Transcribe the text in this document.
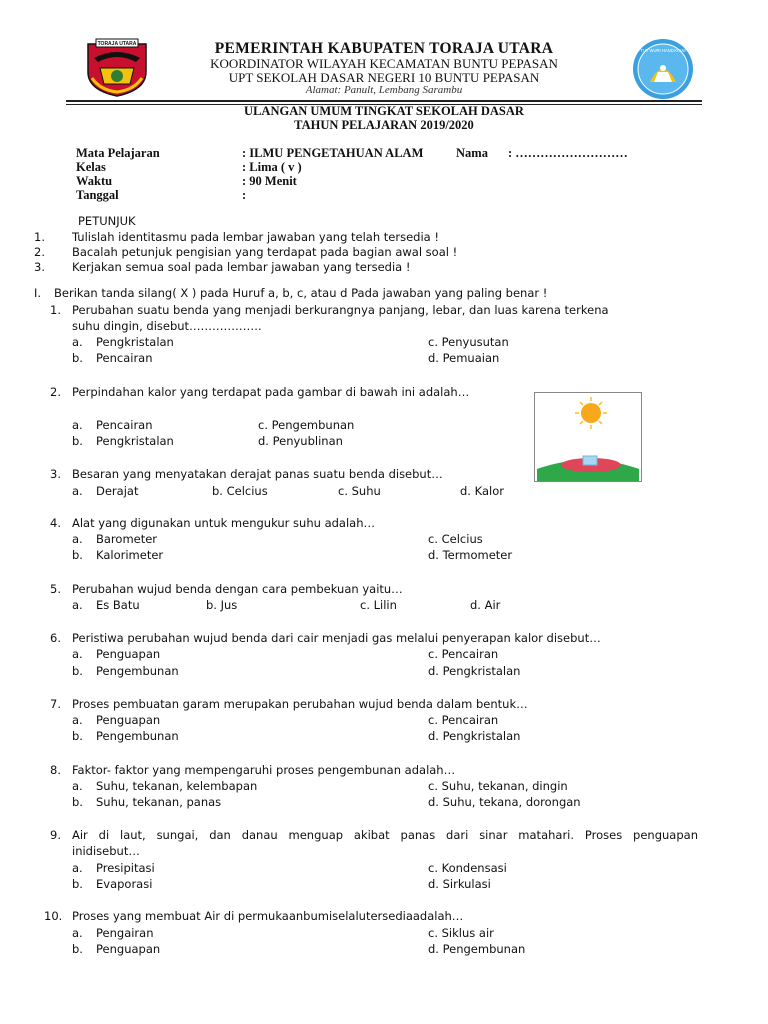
TORAJA UTARA
TUT WURI HANDAYANI
PEMERINTAH KABUPATEN TORAJA UTARA
KOORDINATOR WILAYAH KECAMATAN BUNTU PEPASAN
UPT SEKOLAH DASAR NEGERI 10 BUNTU PEPASAN
Alamat: Panult, Lembang Sarambu
ULANGAN UMUM TINGKAT SEKOLAH DASAR
TAHUN PELAJARAN 2019/2020
Mata Pelajaran	: ILMU PENGETAHUAN ALAM	Nama : ………………………
Kelas	: Lima ( v )
Waktu	: 90 Menit
Tanggal	:
PETUNJUK
1. Tulislah identitasmu pada lembar jawaban yang telah tersedia !
2. Bacalah petunjuk pengisian yang terdapat pada bagian awal soal !
3. Kerjakan semua soal pada lembar jawaban yang tersedia !
I. Berikan tanda silang( X ) pada Huruf a, b, c, atau d Pada jawaban yang paling benar !
1. Perubahan suatu benda yang menjadi berkurangnya panjang, lebar, dan luas karena terkena
suhu dingin, disebut……………….
a. Pengkristalan	c. Penyusutan
b. Pencairan	d. Pemuaian
2. Perpindahan kalor yang terdapat pada gambar di bawah ini adalah…
a. Pencairan	c. Pengembunan
b. Pengkristalan	d. Penyublinan
3. Besaran yang menyatakan derajat panas suatu benda disebut…
a. Derajat	b. Celcius	c. Suhu	d. Kalor
4. Alat yang digunakan untuk mengukur suhu adalah…
a. Barometer	c. Celcius
b. Kalorimeter	d. Termometer
5. Perubahan wujud benda dengan cara pembekuan yaitu…
a. Es Batu	b. Jus	c. Lilin	d. Air
6. Peristiwa perubahan wujud benda dari cair menjadi gas melalui penyerapan kalor disebut…
a. Penguapan	c. Pencairan
b. Pengembunan	d. Pengkristalan
7. Proses pembuatan garam merupakan perubahan wujud benda dalam bentuk…
a. Penguapan	c. Pencairan
b. Pengembunan	d. Pengkristalan
8. Faktor- faktor yang mempengaruhi proses pengembunan adalah…
a. Suhu, tekanan, kelembapan	c. Suhu, tekanan, dingin
b. Suhu, tekanan, panas	d. Suhu, tekana, dorongan
9. Air di laut, sungai, dan danau menguap akibat panas dari sinar matahari. Proses penguapan
inidisebut…
a. Presipitasi	c. Kondensasi
b. Evaporasi	d. Sirkulasi
10. Proses yang membuat Air di permukaanbumiselalutersediaadalah…
a. Pengairan	c. Siklus air
b. Penguapan	d. Pengembunan
